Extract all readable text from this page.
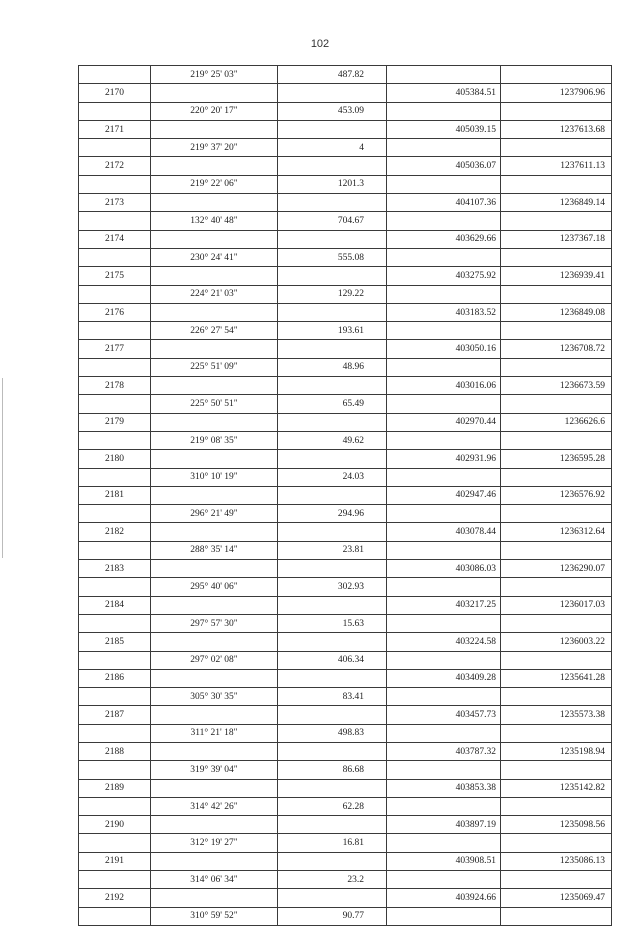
102
	219° 25' 03"	487.82		
2170			405384.51	1237906.96
	220° 20' 17"	453.09		
2171			405039.15	1237613.68
	219° 37' 20"	4		
2172			405036.07	1237611.13
	219° 22' 06"	1201.3		
2173			404107.36	1236849.14
	132° 40' 48"	704.67		
2174			403629.66	1237367.18
	230° 24' 41"	555.08		
2175			403275.92	1236939.41
	224° 21' 03"	129.22		
2176			403183.52	1236849.08
	226° 27' 54"	193.61		
2177			403050.16	1236708.72
	225° 51' 09"	48.96		
2178			403016.06	1236673.59
	225° 50' 51"	65.49		
2179			402970.44	1236626.6
	219° 08' 35"	49.62		
2180			402931.96	1236595.28
	310° 10' 19"	24.03		
2181			402947.46	1236576.92
	296° 21' 49"	294.96		
2182			403078.44	1236312.64
	288° 35' 14"	23.81		
2183			403086.03	1236290.07
	295° 40' 06"	302.93		
2184			403217.25	1236017.03
	297° 57' 30"	15.63		
2185			403224.58	1236003.22
	297° 02' 08"	406.34		
2186			403409.28	1235641.28
	305° 30' 35"	83.41		
2187			403457.73	1235573.38
	311° 21' 18"	498.83		
2188			403787.32	1235198.94
	319° 39' 04"	86.68		
2189			403853.38	1235142.82
	314° 42' 26"	62.28		
2190			403897.19	1235098.56
	312° 19' 27"	16.81		
2191			403908.51	1235086.13
	314° 06' 34"	23.2		
2192			403924.66	1235069.47
	310° 59' 52"	90.77		
